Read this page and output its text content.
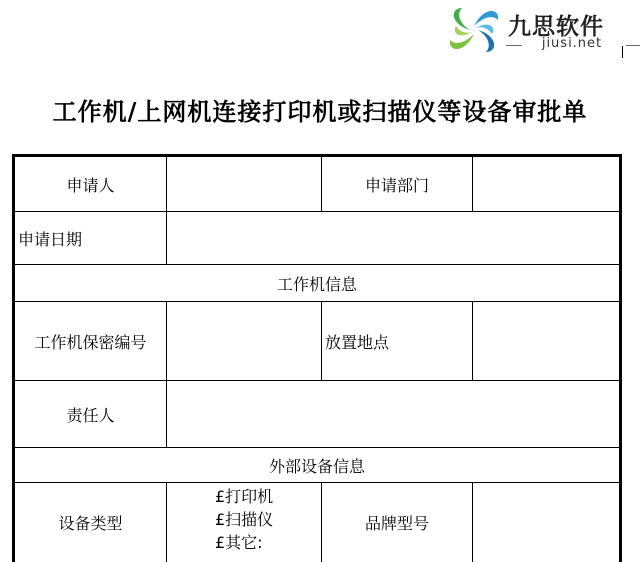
九思软件
jiusi.net
工作机/上网机连接打印机或扫描仪等设备审批单
申请人	申请部门
申请日期
工作机信息
工作机保密编号	放置地点
责任人
外部设备信息
设备类型
£打印机
£扫描仪
£其它:
品牌型号
